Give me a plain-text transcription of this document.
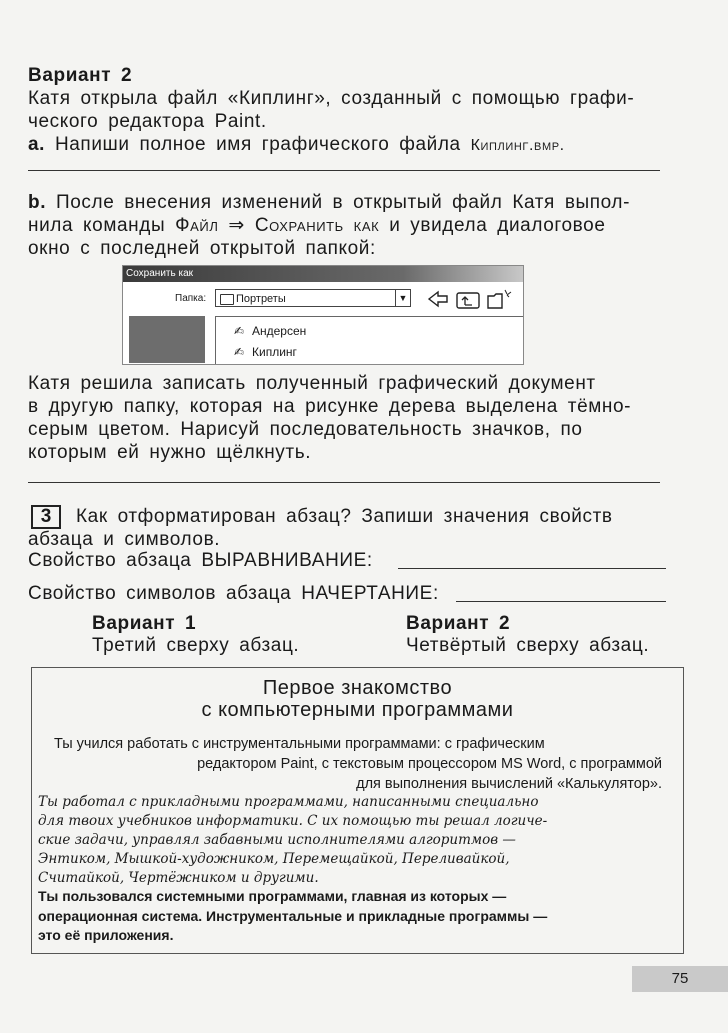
Вариант 2
Катя открыла файл «Киплинг», созданный с помощью графи-
ческого редактора Paint.
a. Напиши полное имя графического файла Киплинг.bmp.
b. После внесения изменений в открытый файл Катя выпол-
нила команды Файл ⇒ Сохранить как и увидела диалоговое
окно с последней открытой папкой:
Сохранить как
Папка:	Портреты	▼
✍ Андерсен
✍ Киплинг
Катя решила записать полученный графический документ
в другую папку, которая на рисунке дерева выделена тёмно-
серым цветом. Нарисуй последовательность значков, по
которым ей нужно щёлкнуть.
3	Как отформатирован абзац? Запиши значения свойств
абзаца и символов.
Свойство абзаца ВЫРАВНИВАНИЕ:
Свойство символов абзаца НАЧЕРТАНИЕ:
Вариант 1
Третий сверху абзац.
Вариант 2
Четвёртый сверху абзац.
Первое знакомство
с компьютерными программами
Ты учился работать с инструментальными программами: с графическим
редактором Paint, с текстовым процессором MS Word, с программой
для выполнения вычислений «Калькулятор».
Ты работал с прикладными программами, написанными специально
для твоих учебников информатики. С их помощью ты решал логиче-
ские задачи, управлял забавными исполнителями алгоритмов —
Энтиком, Мышкой-художником, Перемещайкой, Переливайкой,
Считайкой, Чертёжником и другими.
Ты пользовался системными программами, главная из которых —
операционная система. Инструментальные и прикладные программы —
это её приложения.
75
